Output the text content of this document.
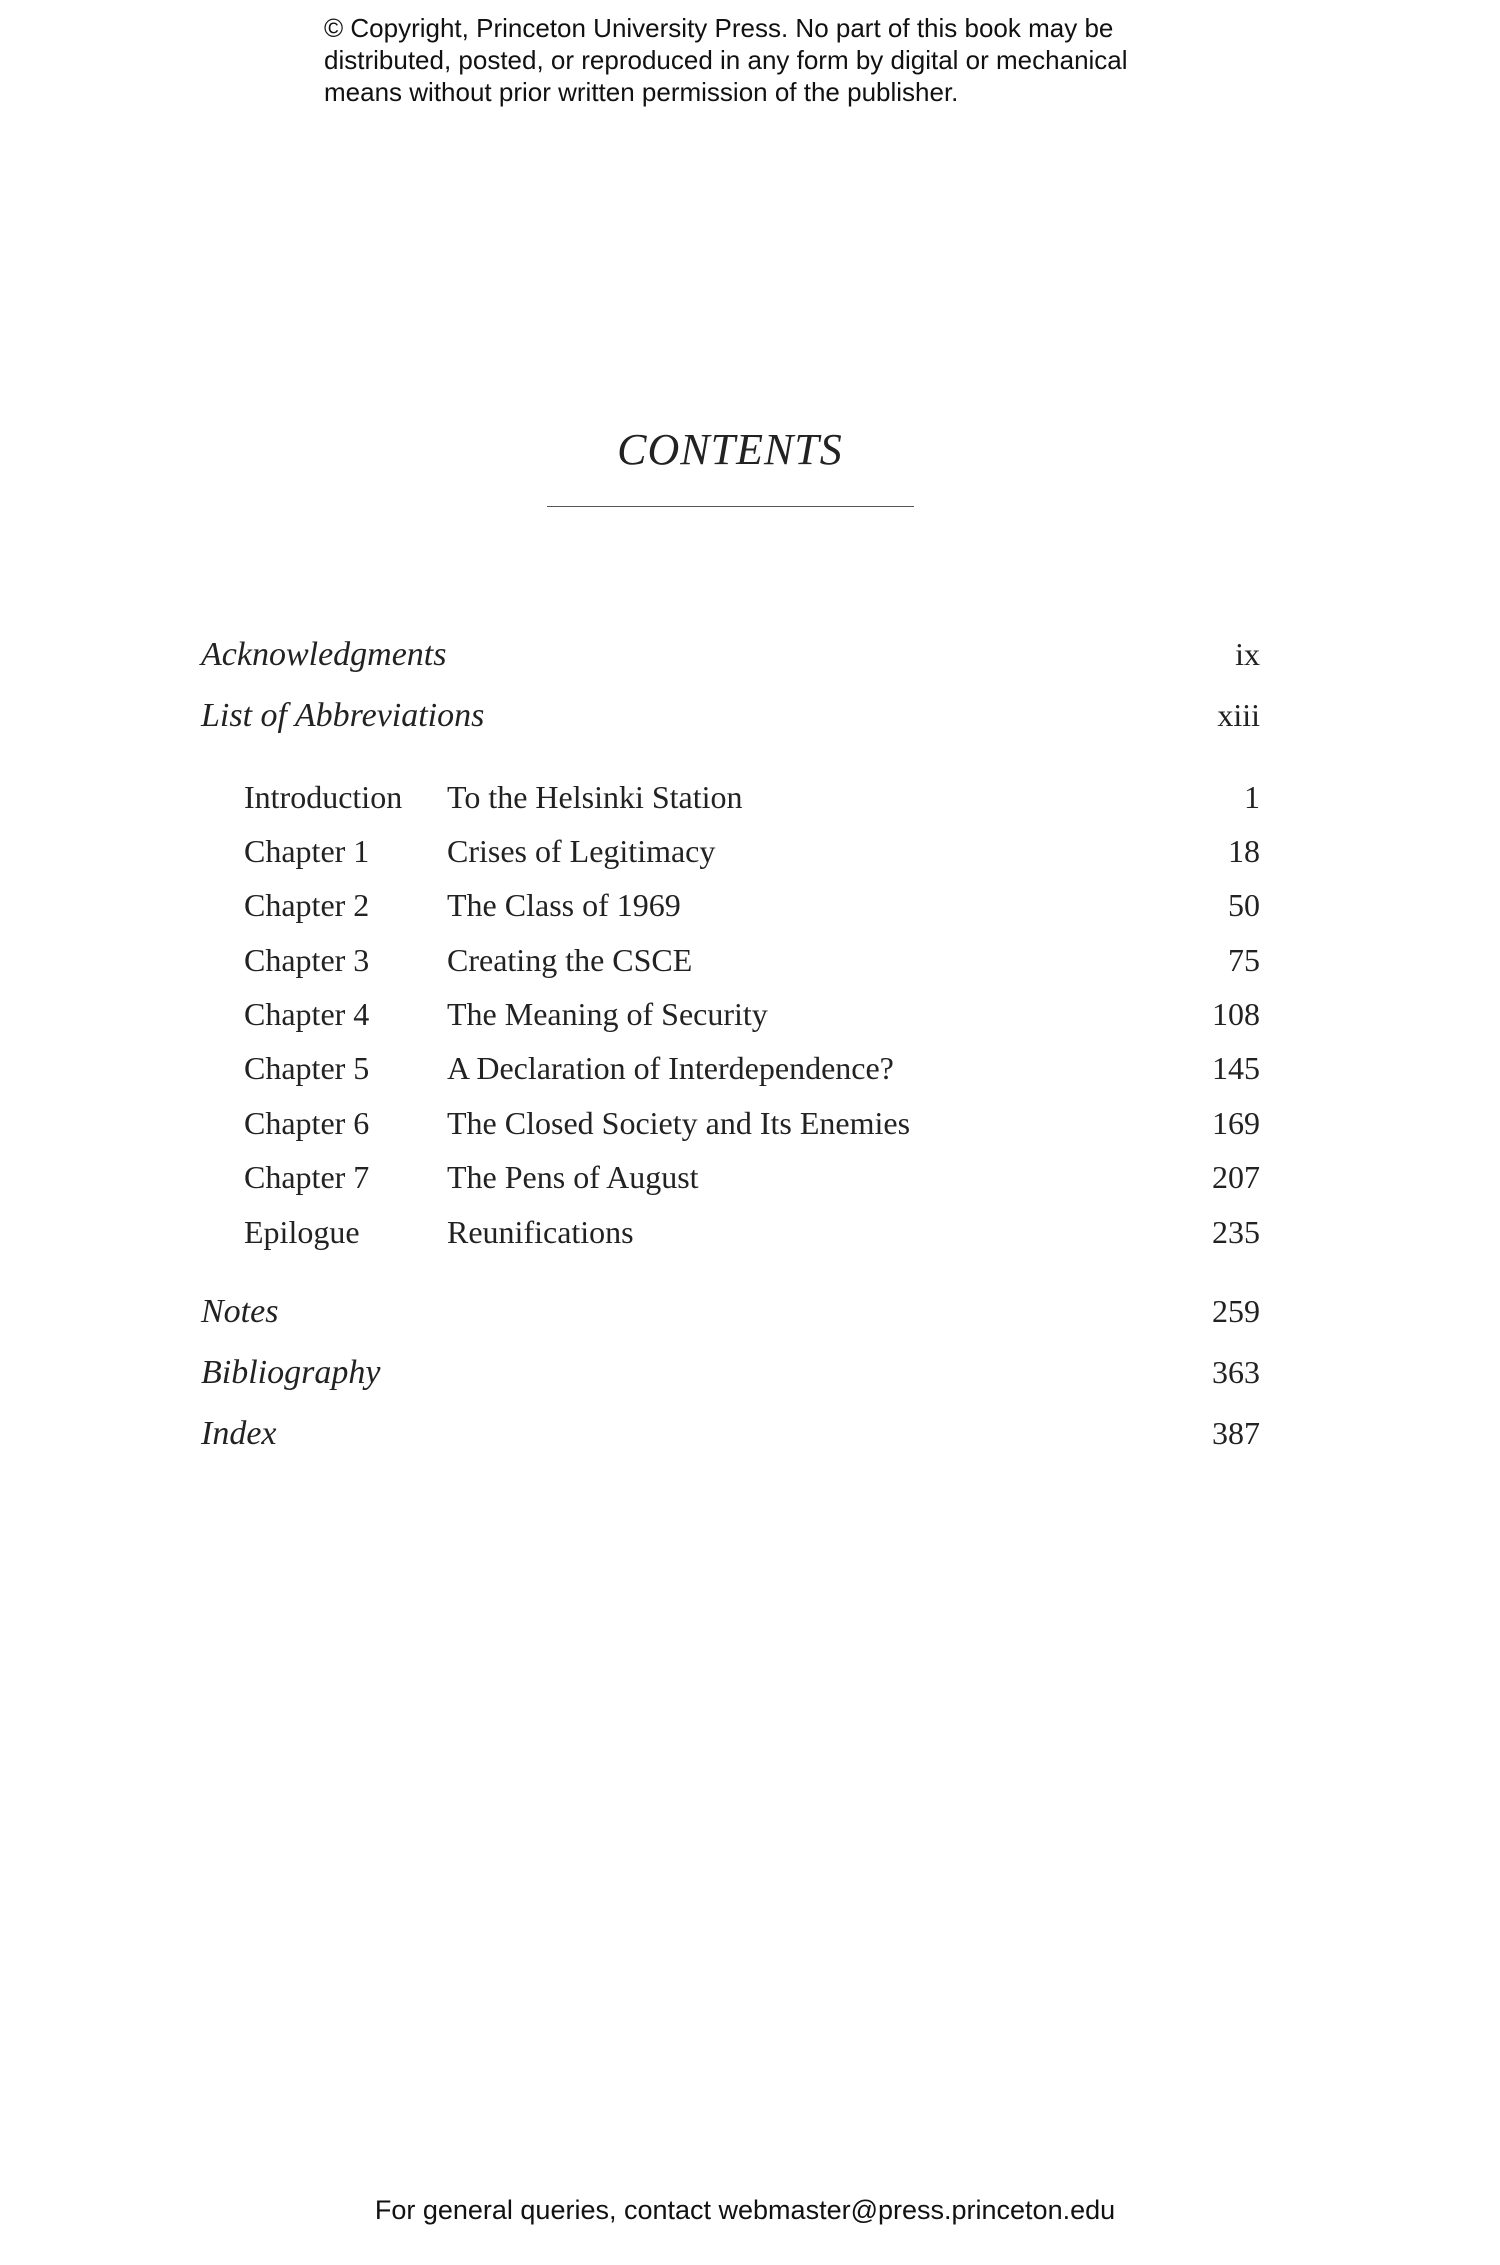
© Copyright, Princeton University Press. No part of this book may be
distributed, posted, or reproduced in any form by digital or mechanical
means without prior written permission of the publisher.
CONTENTS
Acknowledgments	ix
List of Abbreviations	xiii
Introduction To the Helsinki Station	1
Chapter 1 Crises of Legitimacy	18
Chapter 2 The Class of 1969	50
Chapter 3 Creating the CSCE	75
Chapter 4 The Meaning of Security	108
Chapter 5 A Declaration of Interdependence?	145
Chapter 6 The Closed Society and Its Enemies	169
Chapter 7 The Pens of August	207
Epilogue	Reunifications	235
Notes	259
Bibliography	363
Index	387
For general queries, contact webmaster@press.princeton.edu
